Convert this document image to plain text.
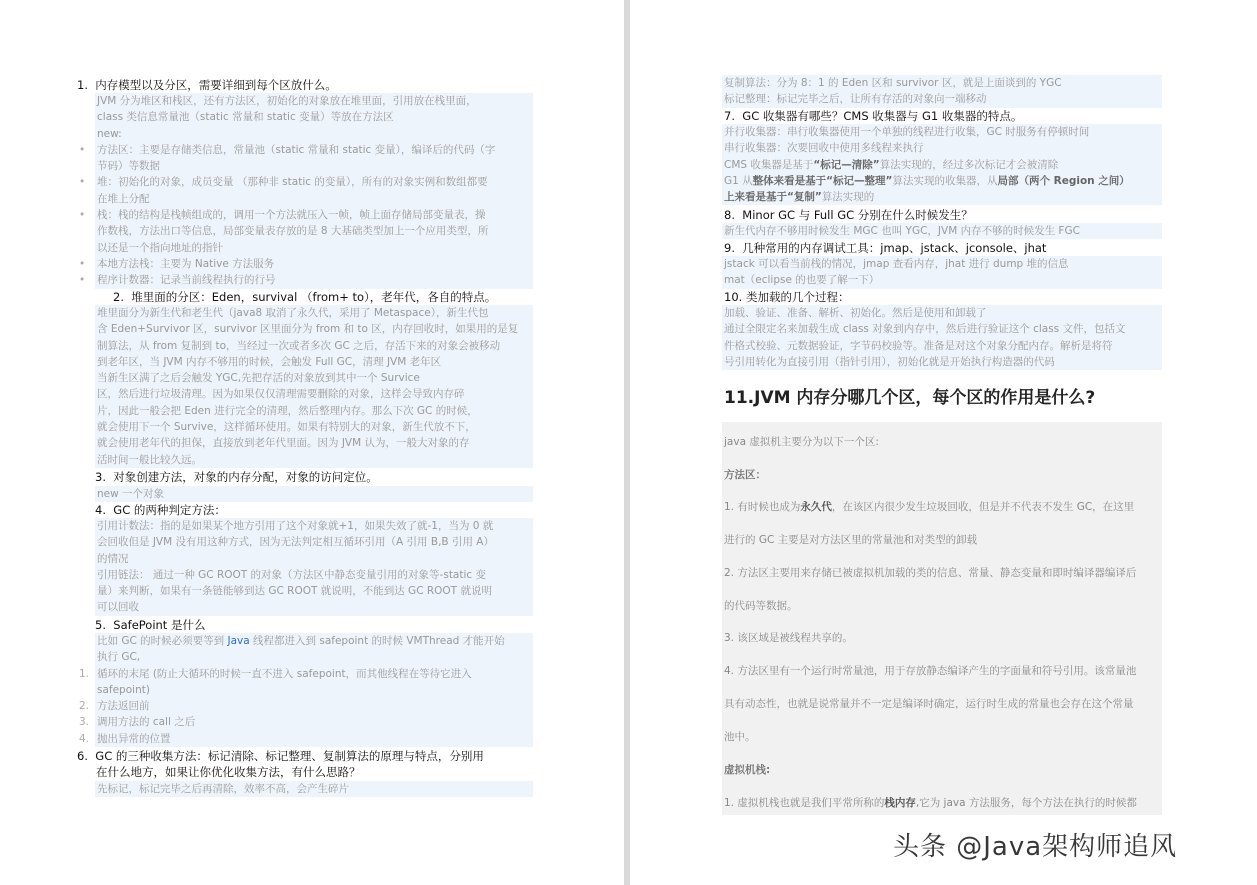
1. 内存模型以及分区，需要详细到每个区放什么。
JVM 分为堆区和栈区，还有方法区，初始化的对象放在堆里面，引用放在栈里面，
class 类信息常量池（static 常量和 static 变量）等放在方法区
new:
• 方法区：主要是存储类信息，常量池（static 常量和 static 变量），编译后的代码（字
节码）等数据
• 堆：初始化的对象，成员变量 （那种非 static 的变量），所有的对象实例和数组都要
在堆上分配
• 栈：栈的结构是栈帧组成的，调用一个方法就压入一帧，帧上面存储局部变量表，操
作数栈，方法出口等信息，局部变量表存放的是 8 大基础类型加上一个应用类型，所
以还是一个指向地址的指针
• 本地方法栈：主要为 Native 方法服务
• 程序计数器：记录当前线程执行的行号
2. 堆里面的分区：Eden，survival （from+ to），老年代，各自的特点。
堆里面分为新生代和老生代（java8 取消了永久代，采用了 Metaspace），新生代包
含 Eden+Survivor 区，survivor 区里面分为 from 和 to 区，内存回收时，如果用的是复
制算法，从 from 复制到 to，当经过一次或者多次 GC 之后，存活下来的对象会被移动
到老年区，当 JVM 内存不够用的时候，会触发 Full GC，清理 JVM 老年区
当新生区满了之后会触发 YGC,先把存活的对象放到其中一个 Survice
区，然后进行垃圾清理。因为如果仅仅清理需要删除的对象，这样会导致内存碎
片，因此一般会把 Eden 进行完全的清理，然后整理内存。那么下次 GC 的时候，
就会使用下一个 Survive，这样循环使用。如果有特别大的对象，新生代放不下，
就会使用老年代的担保，直接放到老年代里面。因为 JVM 认为，一般大对象的存
活时间一般比较久远。
3. 对象创建方法，对象的内存分配，对象的访问定位。
new 一个对象
4. GC 的两种判定方法：
引用计数法：指的是如果某个地方引用了这个对象就+1，如果失效了就-1，当为 0 就
会回收但是 JVM 没有用这种方式，因为无法判定相互循环引用（A 引用 B,B 引用 A）
的情况
引用链法： 通过一种 GC ROOT 的对象（方法区中静态变量引用的对象等-static 变
量）来判断，如果有一条链能够到达 GC ROOT 就说明，不能到达 GC ROOT 就说明
可以回收
5. SafePoint 是什么
比如 GC 的时候必须要等到 Java 线程都进入到 safepoint 的时候 VMThread 才能开始
执行 GC,
1. 循环的末尾 (防止大循环的时候一直不进入 safepoint，而其他线程在等待它进入
safepoint)
2. 方法返回前
3. 调用方法的 call 之后
4. 抛出异常的位置
6. GC 的三种收集方法：标记清除、标记整理、复制算法的原理与特点，分别用
在什么地方，如果让你优化收集方法，有什么思路？
先标记，标记完毕之后再清除，效率不高，会产生碎片
复制算法：分为 8：1 的 Eden 区和 survivor 区，就是上面谈到的 YGC
标记整理：标记完毕之后，让所有存活的对象向一端移动
7. GC 收集器有哪些？CMS 收集器与 G1 收集器的特点。
并行收集器：串行收集器使用一个单独的线程进行收集，GC 时服务有停顿时间
串行收集器：次要回收中使用多线程来执行
CMS 收集器是基于“标记—清除”算法实现的，经过多次标记才会被清除
G1 从整体来看是基于“标记—整理”算法实现的收集器，从局部（两个 Region 之间）
上来看是基于“复制”算法实现的
8. Minor GC 与 Full GC 分别在什么时候发生？
新生代内存不够用时候发生 MGC 也叫 YGC，JVM 内存不够的时候发生 FGC
9. 几种常用的内存调试工具：jmap、jstack、jconsole、jhat
jstack 可以看当前栈的情况，jmap 查看内存，jhat 进行 dump 堆的信息
mat（eclipse 的也要了解一下）
10. 类加载的几个过程：
加载、验证、准备、解析、初始化。然后是使用和卸载了
通过全限定名来加载生成 class 对象到内存中，然后进行验证这个 class 文件，包括文
件格式校验、元数据验证，字节码校验等。准备是对这个对象分配内存。解析是将符
号引用转化为直接引用（指针引用），初始化就是开始执行构造器的代码
11.JVM 内存分哪几个区，每个区的作用是什么?
java 虚拟机主要分为以下一个区:
方法区：
1. 有时候也成为永久代，在该区内很少发生垃圾回收，但是并不代表不发生 GC，在这里
进行的 GC 主要是对方法区里的常量池和对类型的卸载
2. 方法区主要用来存储已被虚拟机加载的类的信息、常量、静态变量和即时编译器编译后
的代码等数据。
3. 该区域是被线程共享的。
4. 方法区里有一个运行时常量池，用于存放静态编译产生的字面量和符号引用。该常量池
具有动态性，也就是说常量并不一定是编译时确定，运行时生成的常量也会存在这个常量
池中。
虚拟机栈:
1. 虚拟机栈也就是我们平常所称的栈内存,它为 java 方法服务，每个方法在执行的时候都
头条 @Java架构师追风
